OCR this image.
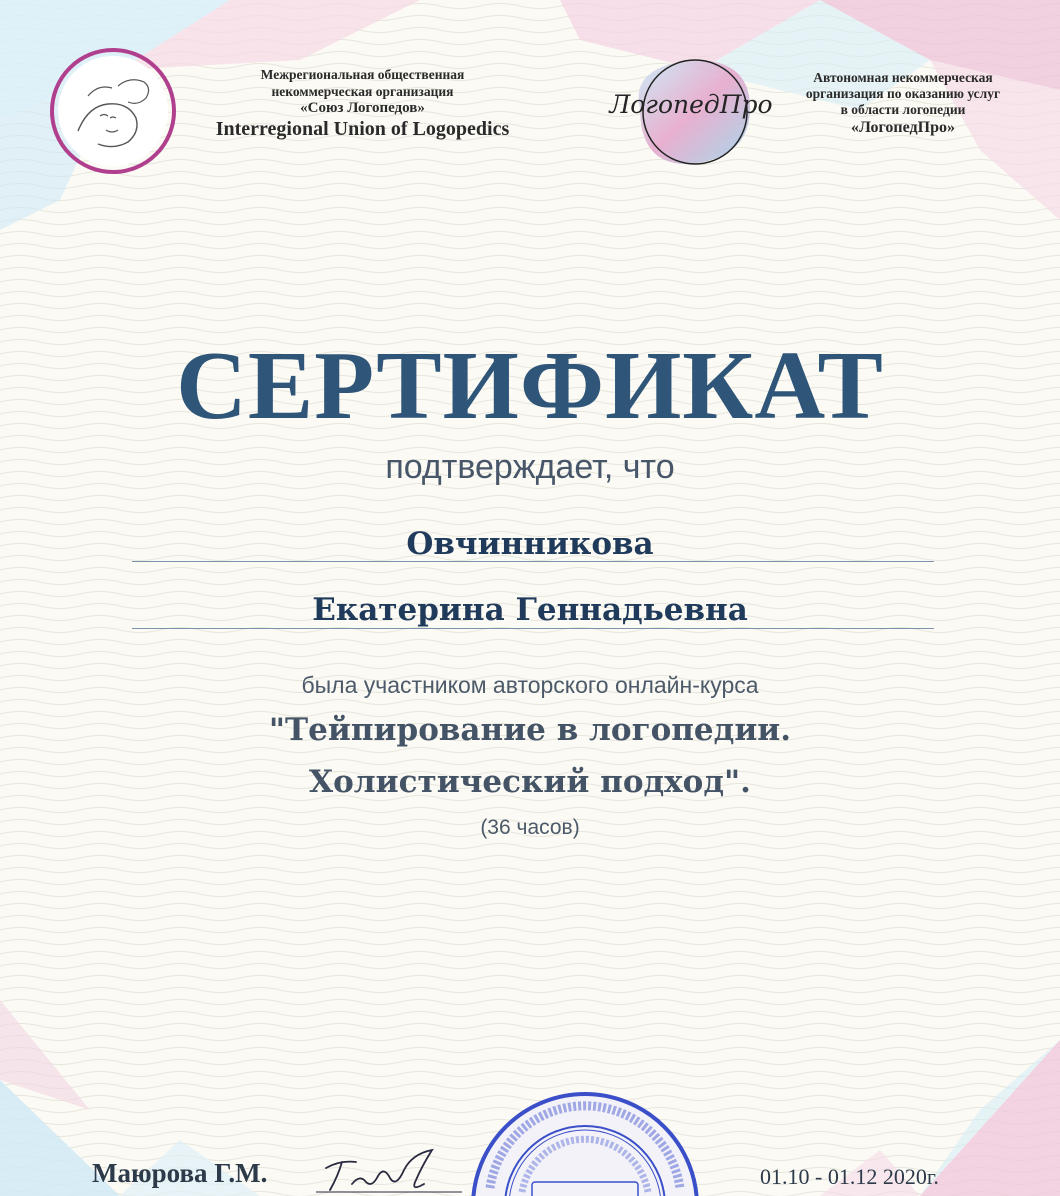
Межрегиональная общественная
некоммерческая организация
«Союз Логопедов»
Interregional Union of Logopedics
ЛогопедПро
Автономная некоммерческая
организация по оказанию услуг
в области логопедии
«ЛогопедПро»
СЕРТИФИКАТ
подтверждает, что
Овчинникова
Екатерина Геннадьевна
была участником авторского онлайн-курса
"Тейпирование в логопедии.
Холистический подход".
(36 часов)
Маюрова Г.М.	01.10 - 01.12 2020г.
